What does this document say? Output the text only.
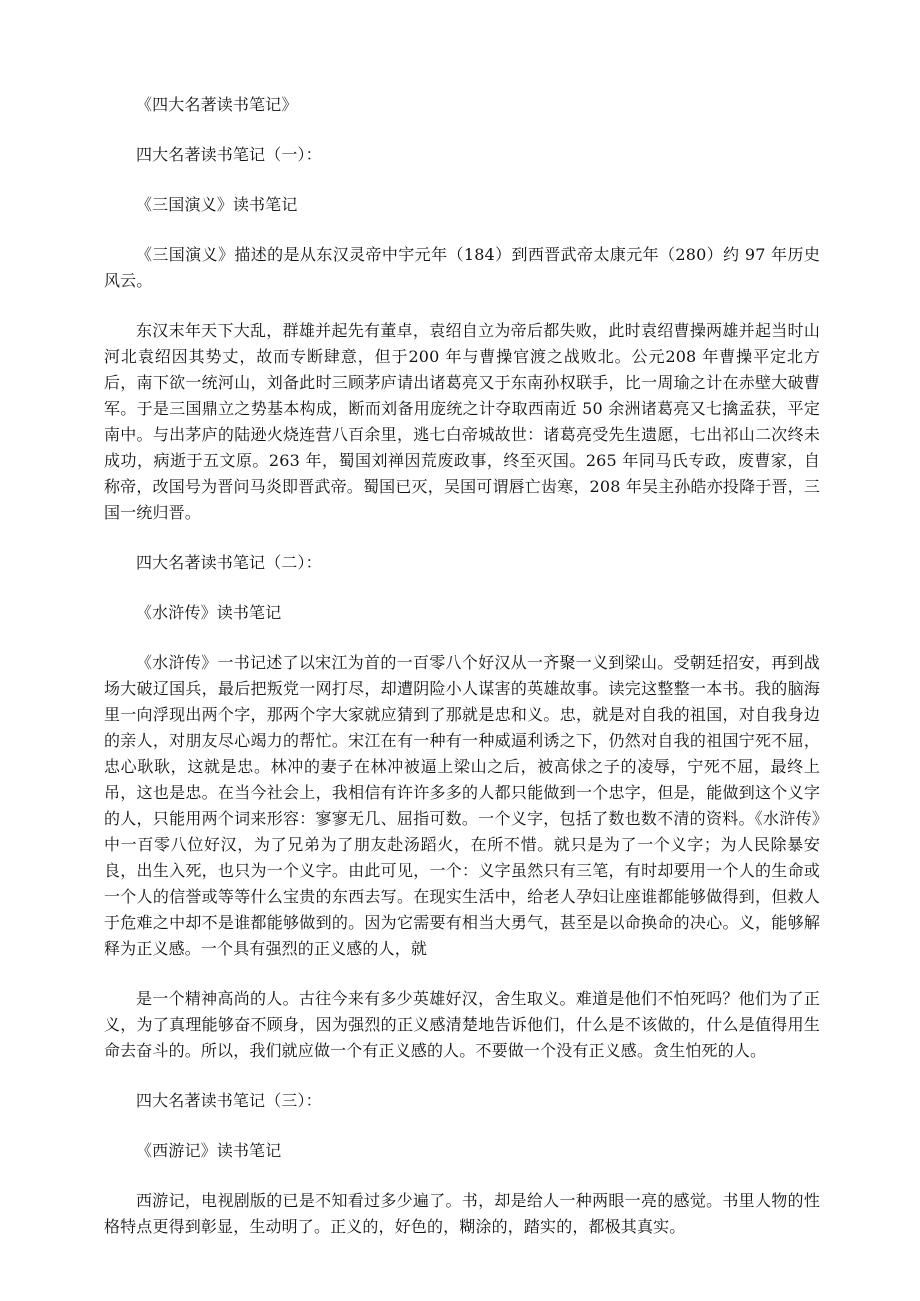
《四大名著读书笔记》

四大名著读书笔记（一）：

《三国演义》读书笔记

《三国演义》描述的是从东汉灵帝中宇元年（184）到西晋武帝太康元年（280）约 97 年历史风云。

东汉末年天下大乱，群雄并起先有董卓，袁绍自立为帝后都失败，此时袁绍曹操两雄并起当时山河北袁绍因其势丈，故而专断肆意，但于200 年与曹操官渡之战败北。公元208 年曹操平定北方后，南下欲一统河山，刘备此时三顾茅庐请出诸葛亮又于东南孙权联手，比一周瑜之计在赤壁大破曹军。于是三国鼎立之势基本构成，断而刘备用庞统之计夺取西南近 50 余洲诸葛亮又七擒孟获，平定南中。与出茅庐的陆逊火烧连营八百余里，逃七白帝城故世：诸葛亮受先生遗愿，七出祁山二次终未成功，病逝于五文原。263 年，蜀国刘禅因荒废政事，终至灭国。265 年同马氏专政，废曹家，自称帝，改国号为晋问马炎即晋武帝。蜀国已灭，吴国可谓唇亡齿寒，208 年吴主孙皓亦投降于晋，三国一统归晋。

四大名著读书笔记（二）：

《水浒传》读书笔记

《水浒传》一书记述了以宋江为首的一百零八个好汉从一齐聚一义到梁山。受朝廷招安，再到战场大破辽国兵，最后把叛党一网打尽，却遭阴险小人谋害的英雄故事。读完这整整一本书。我的脑海里一向浮现出两个字，那两个字大家就应猜到了那就是忠和义。忠，就是对自我的祖国，对自我身边的亲人，对朋友尽心竭力的帮忙。宋江在有一种有一种威逼利诱之下，仍然对自我的祖国宁死不屈，忠心耿耿，这就是忠。林冲的妻子在林冲被逼上梁山之后，被高俅之子的凌辱，宁死不屈，最终上吊，这也是忠。在当今社会上，我相信有许许多多的人都只能做到一个忠字，但是，能做到这个义字的人，只能用两个词来形容：寥寥无几、屈指可数。一个义字，包括了数也数不清的资料。《水浒传》中一百零八位好汉，为了兄弟为了朋友赴汤蹈火，在所不惜。就只是为了一个义字；为人民除暴安良，出生入死，也只为一个义字。由此可见，一个：义字虽然只有三笔，有时却要用一个人的生命或一个人的信誉或等等什么宝贵的东西去写。在现实生活中，给老人孕妇让座谁都能够做得到，但救人于危难之中却不是谁都能够做到的。因为它需要有相当大勇气，甚至是以命换命的决心。义，能够解释为正义感。一个具有强烈的正义感的人，就

是一个精神高尚的人。古往今来有多少英雄好汉，舍生取义。难道是他们不怕死吗？他们为了正义，为了真理能够奋不顾身，因为强烈的正义感清楚地告诉他们，什么是不该做的，什么是值得用生命去奋斗的。所以，我们就应做一个有正义感的人。不要做一个没有正义感。贪生怕死的人。

四大名著读书笔记（三）：

《西游记》读书笔记

西游记，电视剧版的已是不知看过多少遍了。书，却是给人一种两眼一亮的感觉。书里人物的性格特点更得到彰显，生动明了。正义的，好色的，糊涂的，踏实的，都极其真实。
